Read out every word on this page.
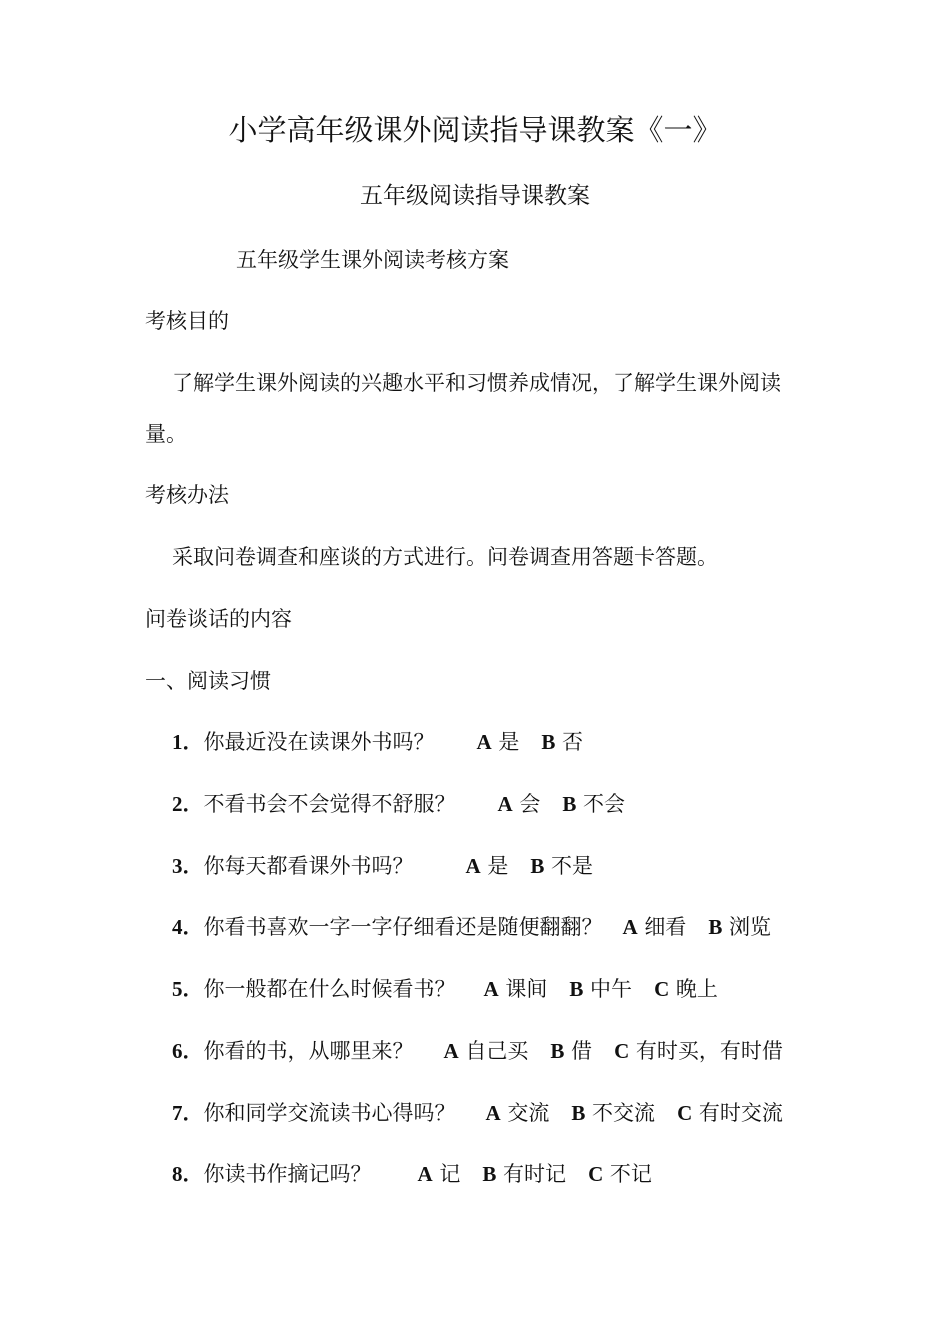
小学高年级课外阅读指导课教案《一》
五年级阅读指导课教案
五年级学生课外阅读考核方案
考核目的
了解学生课外阅读的兴趣水平和习惯养成情况，了解学生课外阅读
量。
考核办法
采取问卷调查和座谈的方式进行。问卷调查用答题卡答题。
问卷谈话的内容
一、阅读习惯
1．你最近没在读课外书吗？ A 是 B 否
2．不看书会不会觉得不舒服？ A 会 B 不会
3．你每天都看课外书吗？ A 是 B 不是
4．你看书喜欢一字一字仔细看还是随便翻翻？ A 细看 B 浏览
5．你一般都在什么时候看书？ A 课间 B 中午 C 晚上
6．你看的书，从哪里来？ A 自己买 B 借 C 有时买，有时借
7．你和同学交流读书心得吗？ A 交流 B 不交流 C 有时交流
8．你读书作摘记吗？ A 记 B 有时记 C 不记
